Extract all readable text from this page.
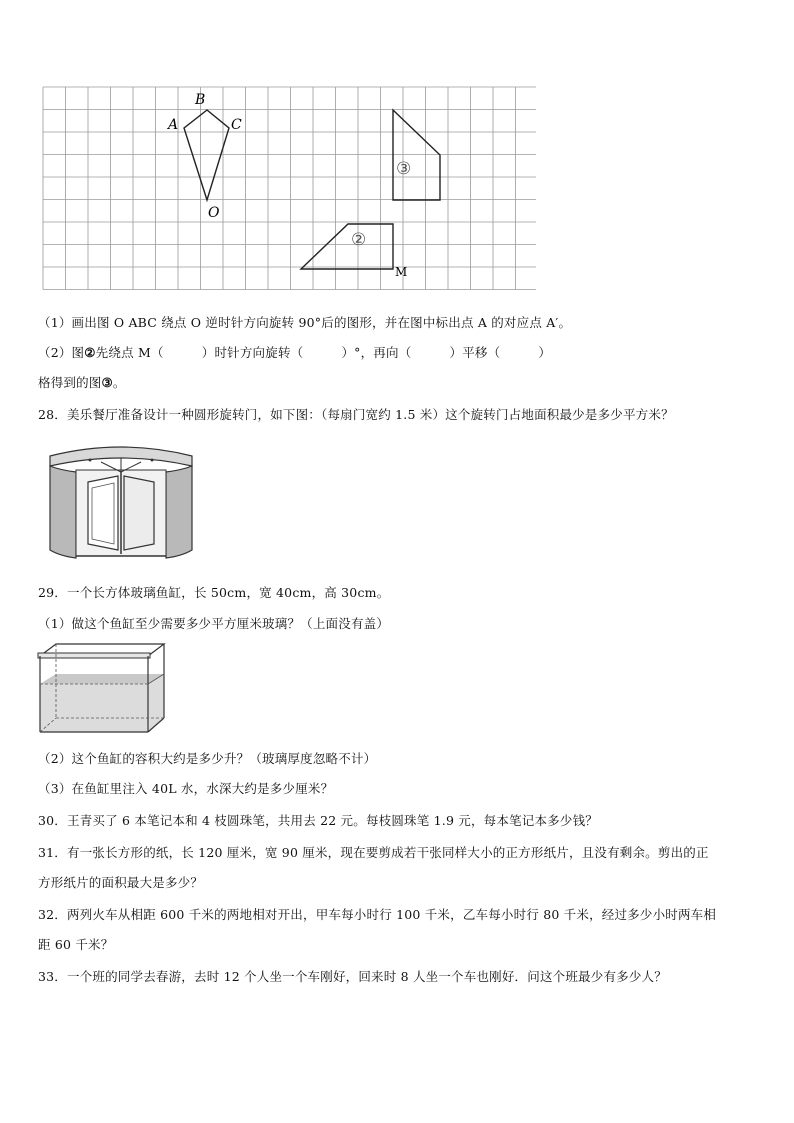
A
B
C
O
③
②
M
（1）画出图 O ABC 绕点 O 逆时针方向旋转 90°后的图形，并在图中标出点 A 的对应点 A′。
（2）图②先绕点 M（　　　）时针方向旋转（　　　）°，再向（　　　）平移（　　　）
格得到的图③。
28．美乐餐厅准备设计一种圆形旋转门，如下图：（每扇门宽约 1.5 米）这个旋转门占地面积最少是多少平方米？
29．一个长方体玻璃鱼缸，长 50cm，宽 40cm，高 30cm。
（1）做这个鱼缸至少需要多少平方厘米玻璃？（上面没有盖）
（2）这个鱼缸的容积大约是多少升？（玻璃厚度忽略不计）
（3）在鱼缸里注入 40L 水，水深大约是多少厘米？
30．王青买了 6 本笔记本和 4 枝圆珠笔，共用去 22 元。每枝圆珠笔 1.9 元，每本笔记本多少钱？
31．有一张长方形的纸，长 120 厘米，宽 90 厘米，现在要剪成若干张同样大小的正方形纸片，且没有剩余。剪出的正
方形纸片的面积最大是多少？
32．两列火车从相距 600 千米的两地相对开出，甲车每小时行 100 千米，乙车每小时行 80 千米，经过多少小时两车相
距 60 千米？
33．一个班的同学去春游，去时 12 个人坐一个车刚好，回来时 8 人坐一个车也刚好．问这个班最少有多少人？
